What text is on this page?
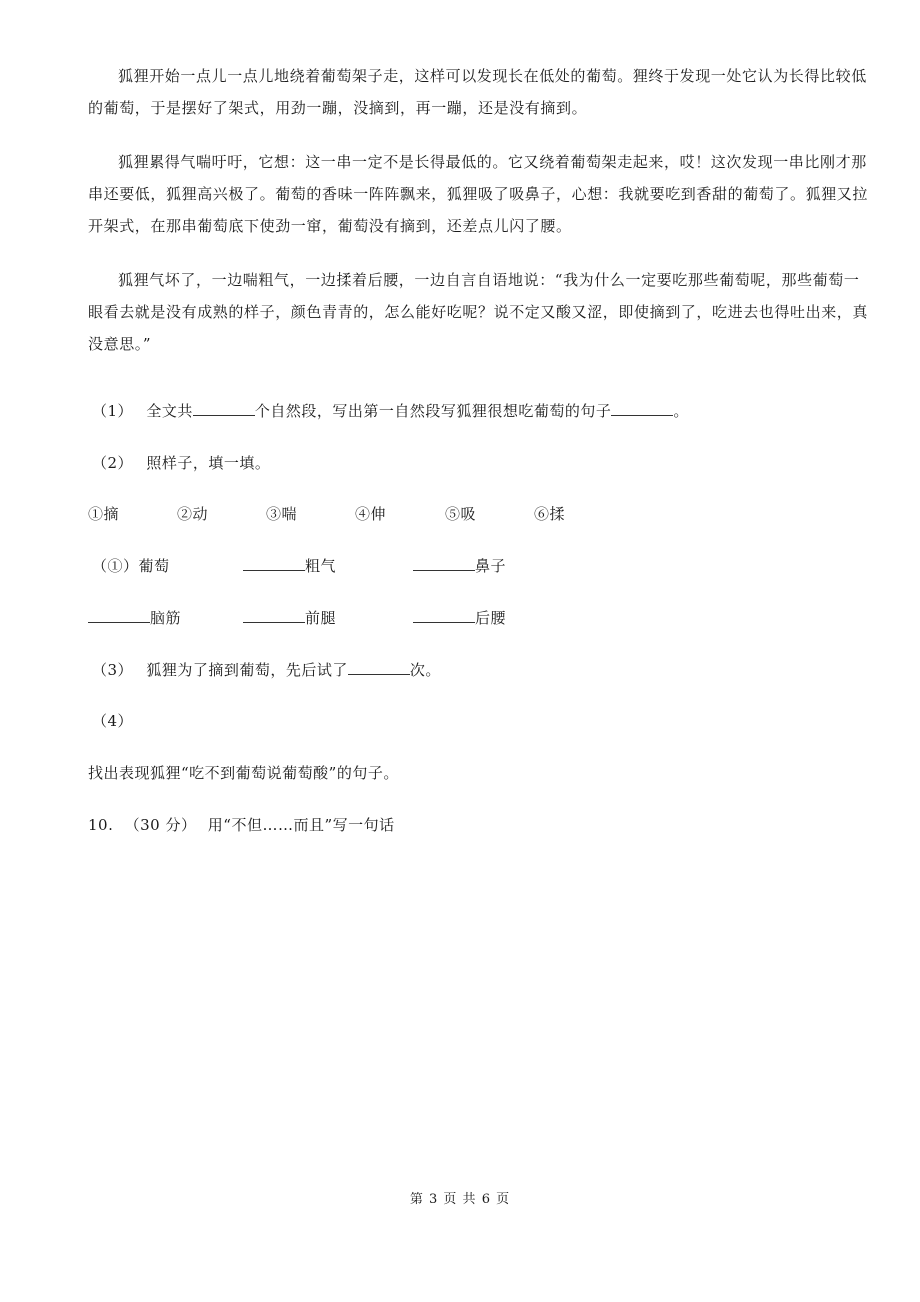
狐狸开始一点儿一点儿地绕着葡萄架子走，这样可以发现长在低处的葡萄。狸终于发现一处它认为长得比较低的葡萄，于是摆好了架式，用劲一蹦，没摘到，再一蹦，还是没有摘到。

狐狸累得气喘吁吁，它想：这一串一定不是长得最低的。它又绕着葡萄架走起来，哎！这次发现一串比刚才那串还要低，狐狸高兴极了。葡萄的香味一阵阵飘来，狐狸吸了吸鼻子，心想：我就要吃到香甜的葡萄了。狐狸又拉开架式，在那串葡萄底下使劲一窜，葡萄没有摘到，还差点儿闪了腰。

狐狸气坏了，一边喘粗气，一边揉着后腰，一边自言自语地说：“我为什么一定要吃那些葡萄呢，那些葡萄一眼看去就是没有成熟的样子，颜色青青的，怎么能好吃呢？说不定又酸又涩，即使摘到了，吃进去也得吐出来，真没意思。”

（1） 全文共	个自然段，写出第一自然段写狐狸很想吃葡萄的句子	。
（2） 照样子，填一填。
①摘	②动	③喘	④伸	⑤吸	⑥揉
（①）葡萄	粗气	鼻子
脑筋	前腿	后腰
（3） 狐狸为了摘到葡萄，先后试了	次。
（4）
找出表现狐狸“吃不到葡萄说葡萄酸”的句子。
10. （30 分） 用“不但……而且”写一句话
第 3 页 共 6 页
